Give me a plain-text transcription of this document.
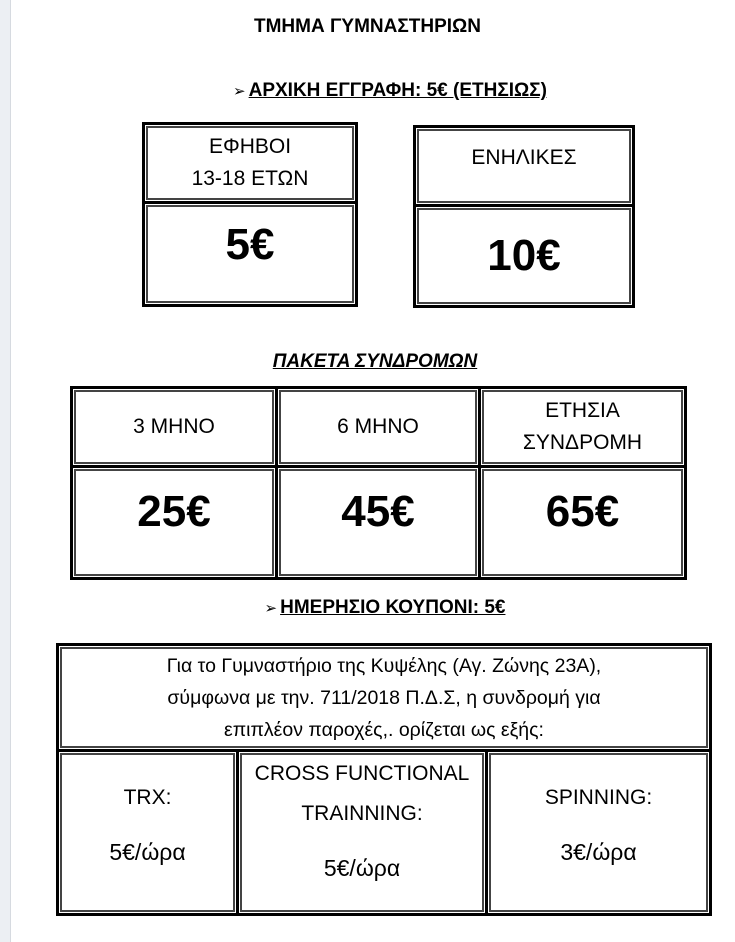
ΤΜΗΜΑ ΓΥΜΝΑΣΤΗΡΙΩΝ
➢ ΑΡΧΙΚΗ ΕΓΓΡΑΦΗ: 5€ (ΕΤΗΣΙΩΣ)
ΕΦΗΒΟΙ
13-18 ΕΤΩΝ
5€
ΕΝΗΛΙΚΕΣ
10€
ΠΑΚΕΤΑ ΣΥΝΔΡΟΜΩΝ
3 ΜΗΝΟ	6 ΜΗΝΟ
ΕΤΗΣΙΑ
ΣΥΝΔΡΟΜΗ
25€	45€	65€
➢ ΗΜΕΡΗΣΙΟ ΚΟΥΠΟΝΙ: 5€
Για το Γυμναστήριο της Κυψέλης (Αγ. Ζώνης 23Α),
σύμφωνα με την. 711/2018 Π.Δ.Σ, η συνδρομή για
επιπλέον παροχές,. ορίζεται ως εξής:
TRX:
5€/ώρα
CROSS FUNCTIONAL
TRAINNING:
5€/ώρα
SPINNING:
3€/ώρα
